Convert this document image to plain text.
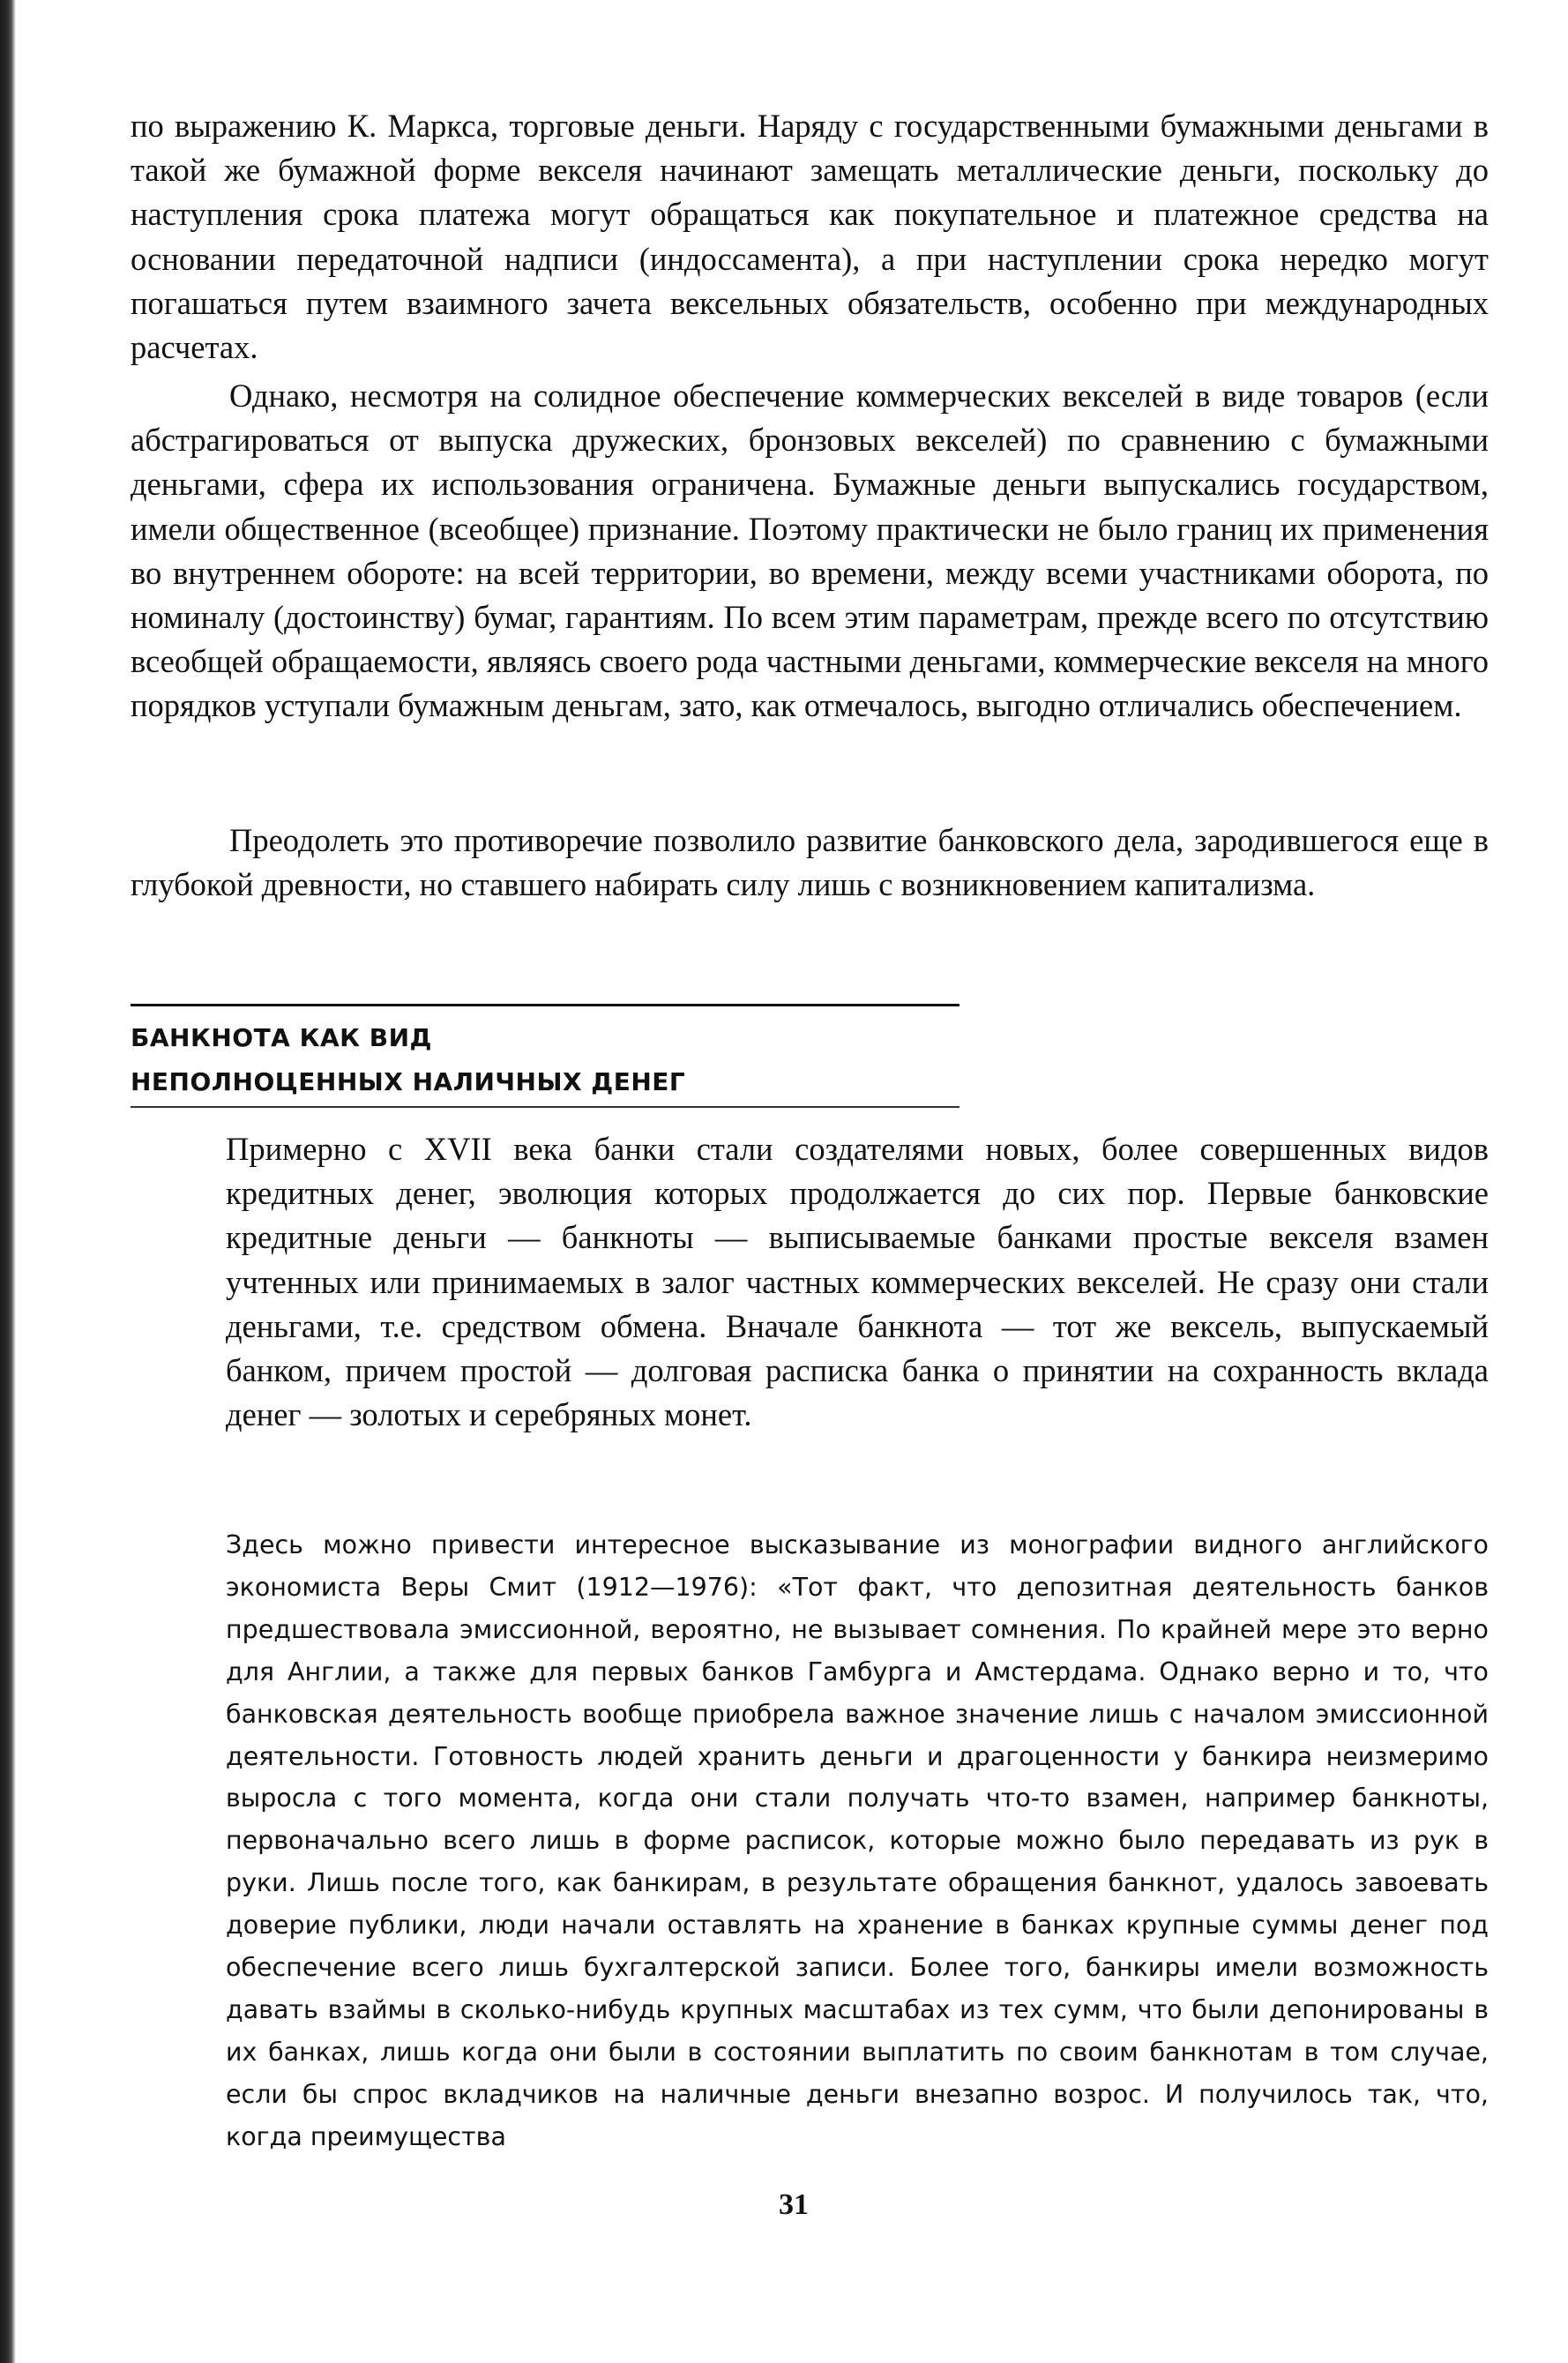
по выражению К. Маркса, торговые деньги. Наряду с государственными бумажными деньгами в такой же бумажной форме векселя начинают замещать металлические деньги, поскольку до наступления срока платежа могут обращаться как покупательное и платежное средства на основании передаточной надписи (индоссамента), а при наступлении срока нередко могут погашаться путем взаимного зачета вексельных обязательств, особенно при международных расчетах.

Однако, несмотря на солидное обеспечение коммерческих векселей в виде товаров (если абстрагироваться от выпуска дружеских, бронзовых векселей) по сравнению с бумажными деньгами, сфера их использования ограничена. Бумажные деньги выпускались государством, имели общественное (всеобщее) признание. Поэтому практически не было границ их применения во внутреннем обороте: на всей территории, во времени, между всеми участниками оборота, по номиналу (достоинству) бумаг, гарантиям. По всем этим параметрам, прежде всего по отсутствию всеобщей обращаемости, являясь своего рода частными деньгами, коммерческие векселя на много порядков уступали бумажным деньгам, зато, как отмечалось, выгодно отличались обеспечением.

Преодолеть это противоречие позволило развитие банковского дела, зародившегося еще в глубокой древности, но ставшего набирать силу лишь с возникновением капитализма.

БАНКНОТА КАК ВИД
НЕПОЛНОЦЕННЫХ НАЛИЧНЫХ ДЕНЕГ

Примерно с XVII века банки стали создателями новых, более совершенных видов кредитных денег, эволюция которых продолжается до сих пор. Первые банковские кредитные деньги — банкноты — выписываемые банками простые векселя взамен учтенных или принимаемых в залог частных коммерческих векселей. Не сразу они стали деньгами, т.е. средством обмена. Вначале банкнота — тот же вексель, выпускаемый банком, причем простой — долговая расписка банка о принятии на сохранность вклада денег — золотых и серебряных монет.

Здесь можно привести интересное высказывание из монографии видного английского экономиста Веры Смит (1912—1976): «Тот факт, что депозитная деятельность банков предшествовала эмиссионной, вероятно, не вызывает сомнения. По крайней мере это верно для Англии, а также для первых банков Гамбурга и Амстердама. Однако верно и то, что банковская деятельность вообще приобрела важное значение лишь с началом эмиссионной деятельности. Готовность людей хранить деньги и драгоценности у банкира неизмеримо выросла с того момента, когда они стали получать что-то взамен, например банкноты, первоначально всего лишь в форме расписок, которые можно было передавать из рук в руки. Лишь после того, как банкирам, в результате обращения банкнот, удалось завоевать доверие публики, люди начали оставлять на хранение в банках крупные суммы денег под обеспечение всего лишь бухгалтерской записи. Более того, банкиры имели возможность давать взаймы в сколько-нибудь крупных масштабах из тех сумм, что были депонированы в их банках, лишь когда они были в состоянии выплатить по своим банкнотам в том случае, если бы спрос вкладчиков на наличные деньги внезапно возрос. И получилось так, что, когда преимущества

31
